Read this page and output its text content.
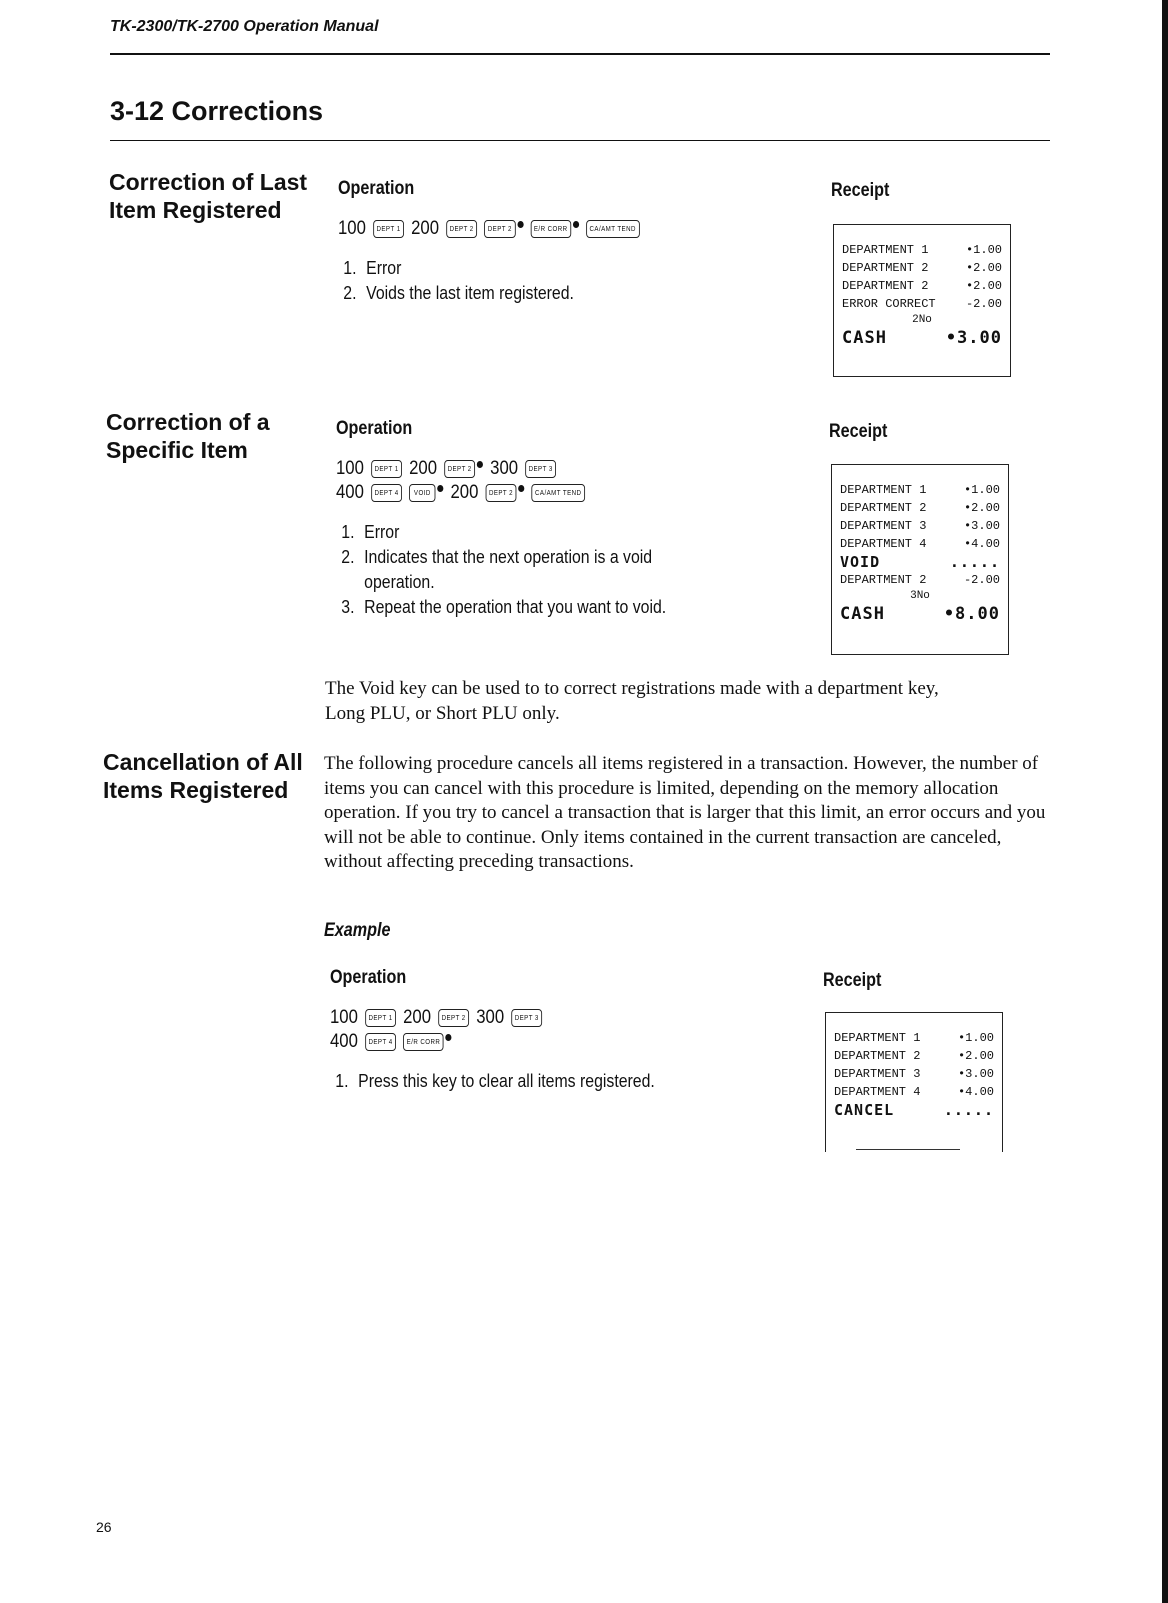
TK-2300/TK-2700 Operation Manual
3-12 Corrections
Correction of Last
Item Registered
Operation
100	DEPT 1 200	DEPT 2	DEPT 2	E/R CORR	CA/AMT TEND
1. Error
2. Voids the last item registered.
Receipt
DEPARTMENT 1	•1.00
DEPARTMENT 2	•2.00
DEPARTMENT 2	•2.00
ERROR CORRECT	-2.00
2No
CASH	•3.00
Correction of a
Specific Item
Operation
100	DEPT 1 200	DEPT 2 300	DEPT 3
400	DEPT 4	VOID 200	DEPT 2	CA/AMT TEND
1. Error
2. Indicates that the next operation is a void operation.
3. Repeat the operation that you want to void.
Receipt
DEPARTMENT 1	•1.00
DEPARTMENT 2	•2.00
DEPARTMENT 3	•3.00
DEPARTMENT 4	•4.00
VOID	.....
DEPARTMENT 2	-2.00
3No
CASH	•8.00
The Void key can be used to to correct registrations made with a department key, Long PLU, or Short PLU only.
Cancellation of All
Items Registered
The following procedure cancels all items registered in a transaction. However, the number of items you can cancel with this procedure is limited, depending on the memory allocation operation. If you try to cancel a transaction that is larger that this limit, an error occurs and you will not be able to continue. Only items contained in the current transaction are canceled, without affecting preceding transactions.
Example
Operation
100	DEPT 1 200	DEPT 2 300	DEPT 3
400	DEPT 4	E/R CORR
1. Press this key to clear all items registered.
Receipt
DEPARTMENT 1	•1.00
DEPARTMENT 2	•2.00
DEPARTMENT 3	•3.00
DEPARTMENT 4	•4.00
CANCEL	.....
26
